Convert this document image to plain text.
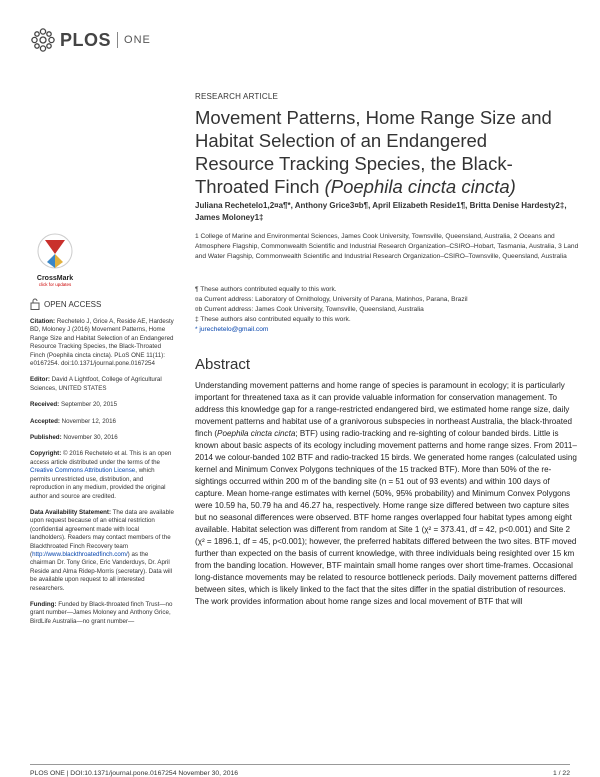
PLOS ONE
RESEARCH ARTICLE
Movement Patterns, Home Range Size and Habitat Selection of an Endangered Resource Tracking Species, the Black-Throated Finch (Poephila cincta cincta)
Juliana Rechetelo1,2¤a¶*, Anthony Grice3¤b¶, April Elizabeth Reside1¶, Britta Denise Hardesty2‡, James Moloney1‡
1 College of Marine and Environmental Sciences, James Cook University, Townsville, Queensland, Australia, 2 Oceans and Atmosphere Flagship, Commonwealth Scientific and Industrial Research Organization–CSIRO–Hobart, Tasmania, Australia, 3 Land and Water Flagship, Commonwealth Scientific and Industrial Research Organization–CSIRO–Townsville, Queensland, Australia
¶ These authors contributed equally to this work.
¤a Current address: Laboratory of Ornithology, University of Parana, Matinhos, Parana, Brazil
¤b Current address: James Cook University, Townsville, Queensland, Australia
‡ These authors also contributed equally to this work.
* jurechetelo@gmail.com
CrossMark
click for updates
OPEN ACCESS

Citation: Rechetelo J, Grice A, Reside AE, Hardesty BD, Moloney J (2016) Movement Patterns, Home Range Size and Habitat Selection of an Endangered Resource Tracking Species, the Black-Throated Finch (Poephila cincta cincta). PLoS ONE 11(11): e0167254. doi:10.1371/journal.pone.0167254

Editor: David A Lightfoot, College of Agricultural Sciences, UNITED STATES

Received: September 20, 2015

Accepted: November 12, 2016

Published: November 30, 2016

Copyright: © 2016 Rechetelo et al. This is an open access article distributed under the terms of the Creative Commons Attribution License, which permits unrestricted use, distribution, and reproduction in any medium, provided the original author and source are credited.

Data Availability Statement: The data are available upon request because of an ethical restriction (confidential agreement made with local landholders). Readers may contact members of the Blackthroated Finch Recovery team (http://www.blackthroatedfinch.com/) as the chairman Dr. Tony Grice, Eric Vanderduys, Dr. April Reside and Alma Ridep-Morris (secretary). Data will be available upon request to all interested researchers.

Funding: Funded by Black-throated finch Trust—no grant number—James Moloney and Anthony Grice, BirdLife Australia—no grant number—

Abstract
Understanding movement patterns and home range of species is paramount in ecology; it is particularly important for threatened taxa as it can provide valuable information for conservation management. To address this knowledge gap for a range-restricted endangered bird, we estimated home range size, daily movement patterns and habitat use of a granivorous subspecies in northeast Australia, the black-throated finch (Poephila cincta cincta; BTF) using radio-tracking and re-sighting of colour banded birds. Little is known about basic aspects of its ecology including movement patterns and home range sizes. From 2011–2014 we colour-banded 102 BTF and radio-tracked 15 birds. We generated home ranges (calculated using kernel and Minimum Convex Polygons techniques of the 15 tracked BTF). More than 50% of the re-sightings occurred within 200 m of the banding site (n = 51 out of 93 events) and within 100 days of capture. Mean home-range estimates with kernel (50%, 95% probability) and Minimum Convex Polygons were 10.59 ha, 50.79 ha and 46.27 ha, respectively. Home range size differed between two capture sites but no seasonal differences were observed. BTF home ranges overlapped four habitat types among eight available. Habitat selection was different from random at Site 1 (χ² = 373.41, df = 42, p<0.001) and Site 2 (χ² = 1896.1, df = 45, p<0.001); however, the preferred habitats differed between the two sites. BTF moved further than expected on the basis of current knowledge, with three individuals being resighted over 15 km from the banding location. However, BTF maintain small home ranges over short time-frames. Occasional long-distance movements may be related to resource bottleneck periods. Daily movement patterns differed between sites, which is likely linked to the fact that the sites differ in the spatial distribution of resources. The work provides information about home range sizes and local movement of BTF that will
PLOS ONE | DOI:10.1371/journal.pone.0167254 November 30, 2016	1 / 22
